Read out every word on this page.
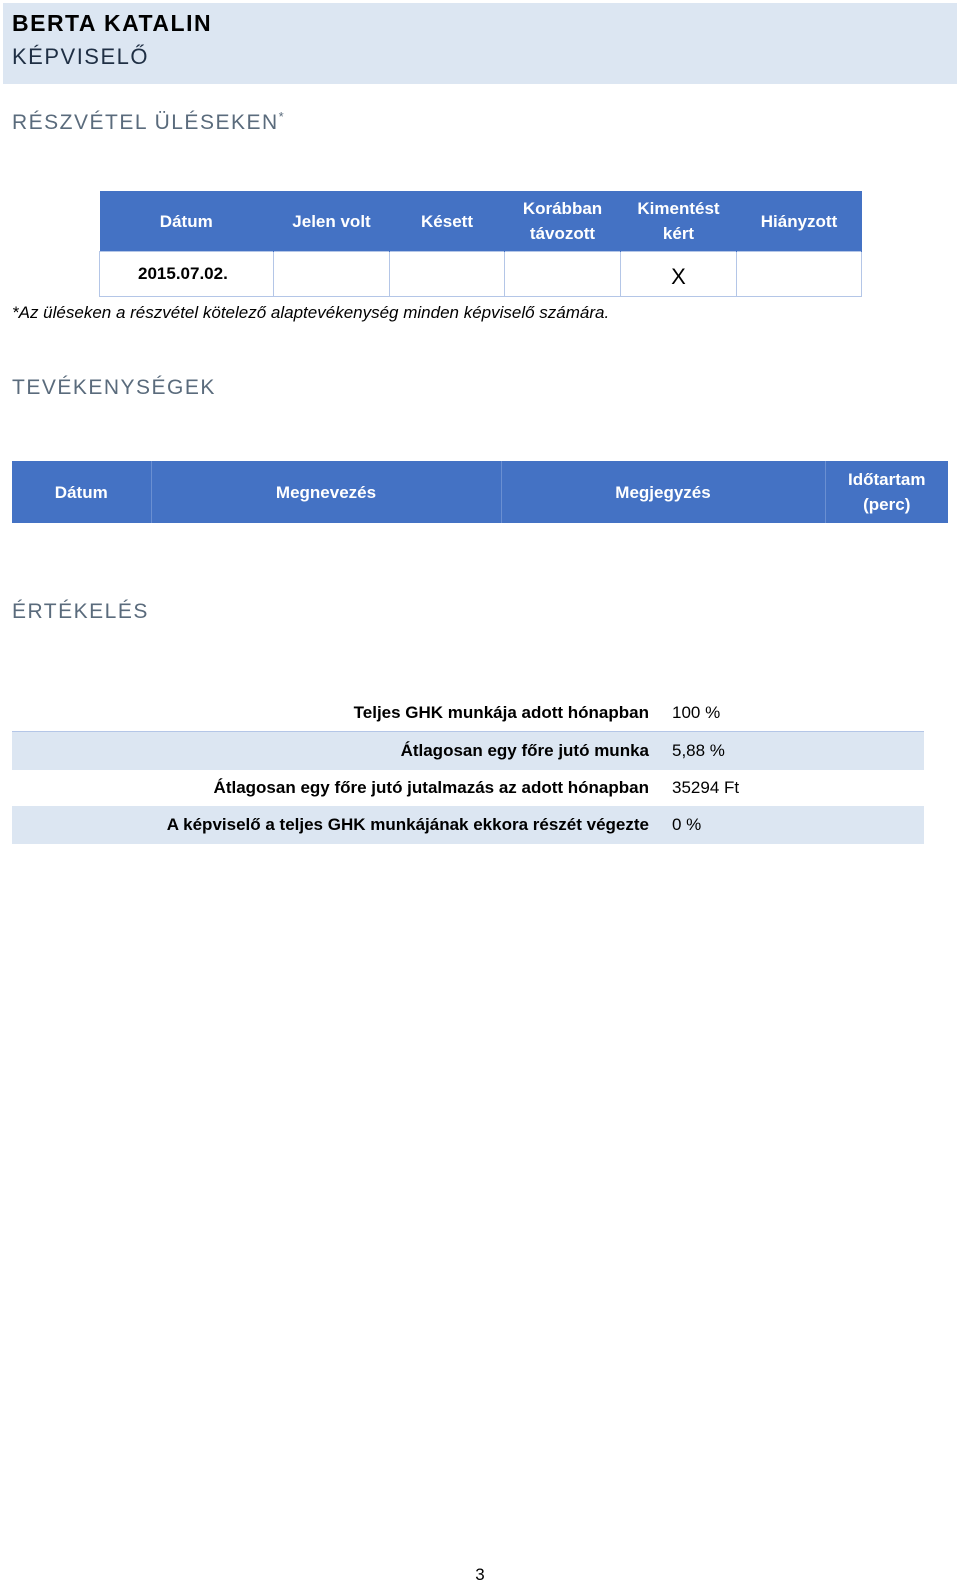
BERTA KATALIN
KÉPVISELŐ
RÉSZVÉTEL ÜLÉSEKEN*
Dátum	Jelen volt	Késett	Korábban távozott	Kimentést kért	Hiányzott
2015.07.02.				X	
*Az üléseken a részvétel kötelező alaptevékenység minden képviselő számára.
TEVÉKENYSÉGEK
Dátum	Megnevezés	Megjegyzés	Időtartam (perc)
ÉRTÉKELÉS
Teljes GHK munkája adott hónapban	100 %
Átlagosan egy főre jutó munka	5,88 %
Átlagosan egy főre jutó jutalmazás az adott hónapban	35294 Ft
A képviselő a teljes GHK munkájának ekkora részét végezte	0 %
3
